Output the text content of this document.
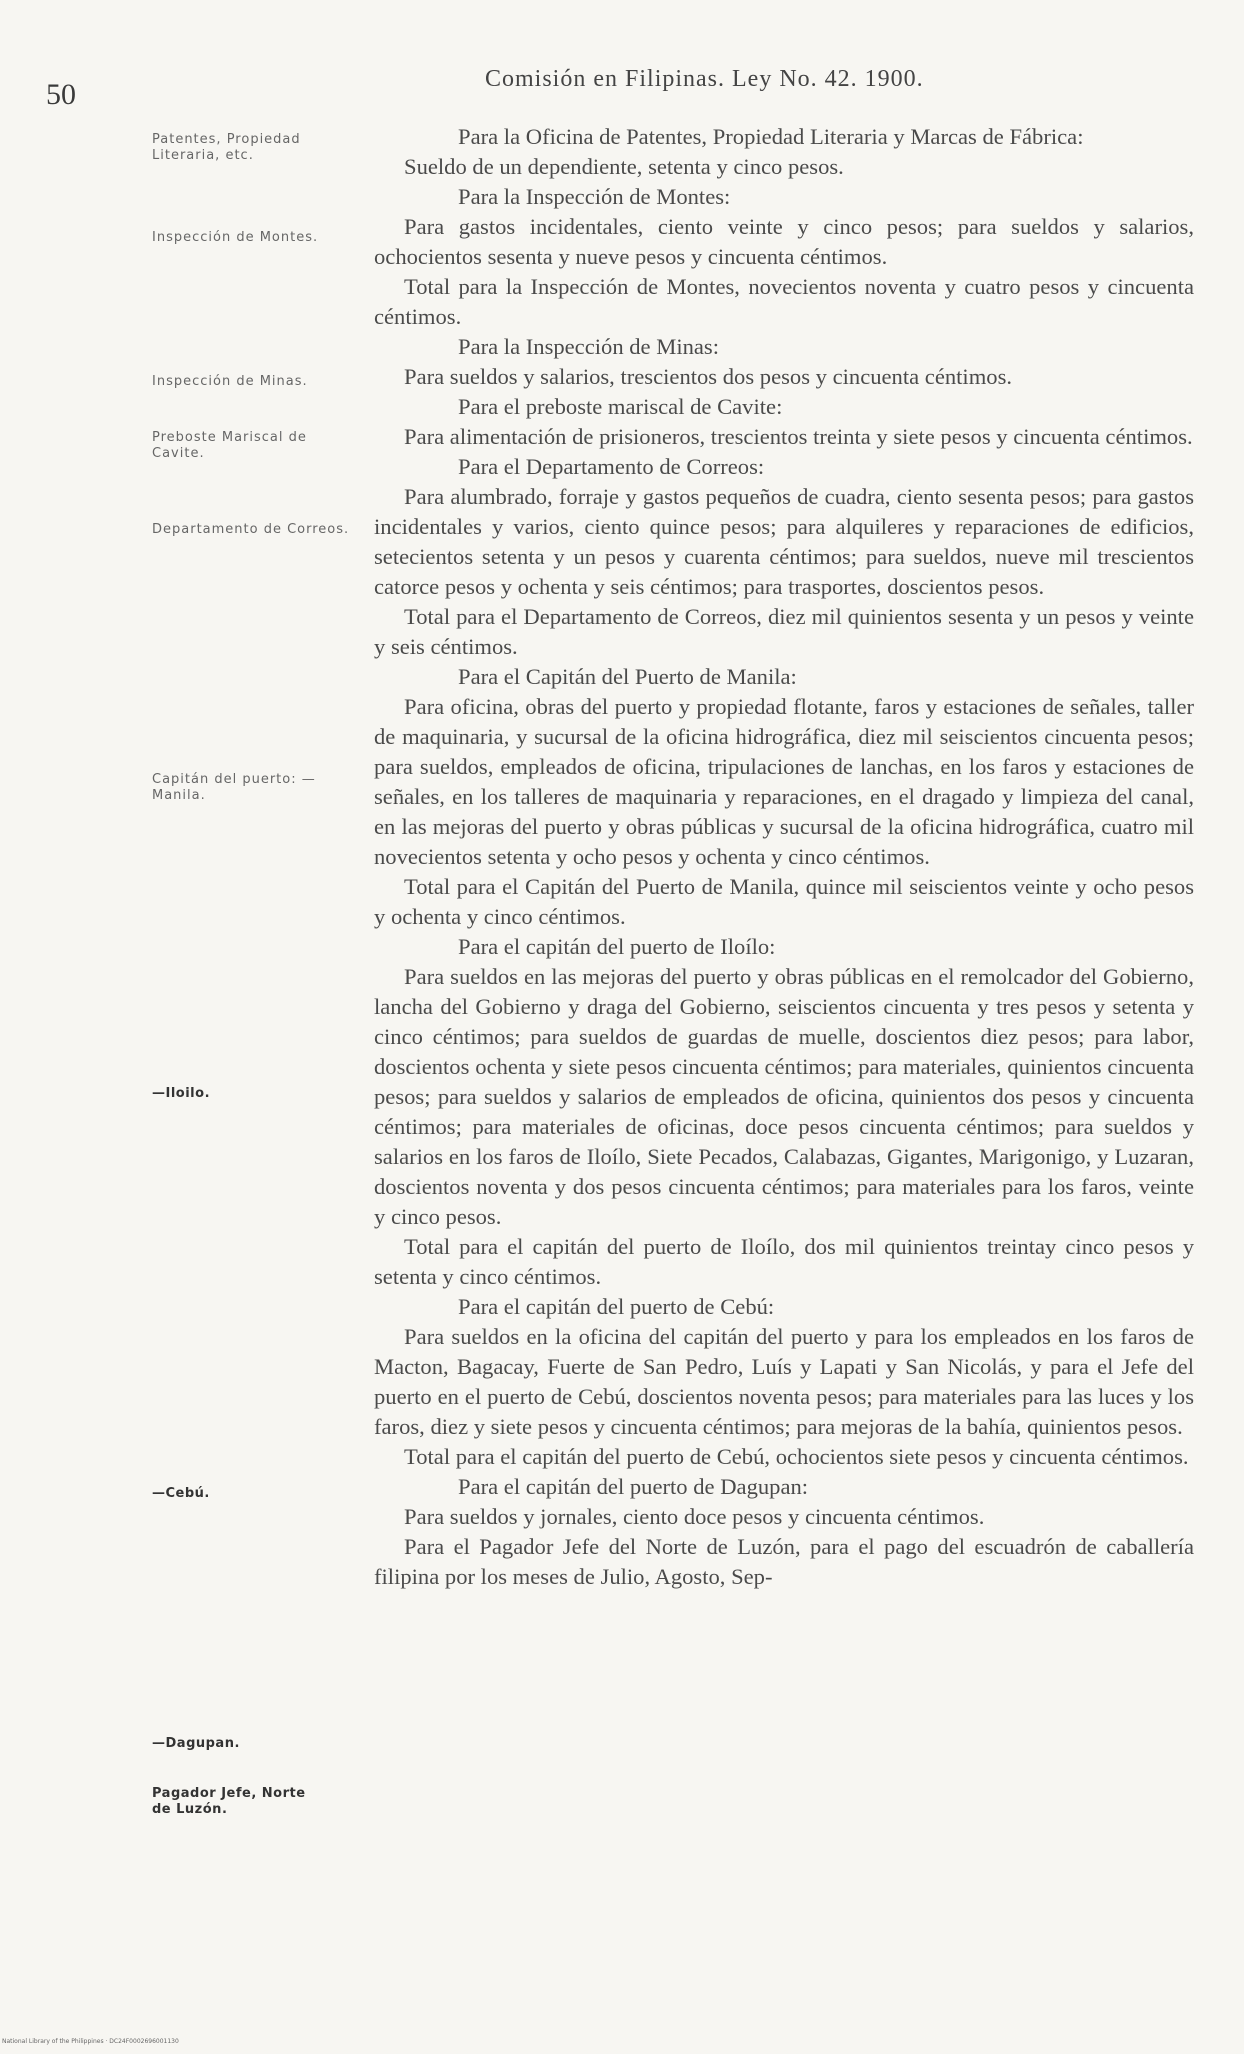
50	Comisión en Filipinas. Ley No. 42. 1900.
Patentes, Propiedad Literaria, etc.
Inspección de Montes.
Inspección de Minas.
Preboste Mariscal de Cavite.
Departamento de Correos.
Capitán del puerto: —Manila.
—Iloilo.
—Cebú.
—Dagupan.
Pagador Jefe, Norte de Luzón.

Para la Oficina de Patentes, Propiedad Literaria y Marcas de Fábrica:

Sueldo de un dependiente, setenta y cinco pesos.

Para la Inspección de Montes:

Para gastos incidentales, ciento veinte y cinco pesos; para sueldos y salarios, ochocientos sesenta y nueve pesos y cincuenta céntimos.

Total para la Inspección de Montes, novecientos noventa y cuatro pesos y cincuenta céntimos.

Para la Inspección de Minas:

Para sueldos y salarios, trescientos dos pesos y cincuenta céntimos.

Para el preboste mariscal de Cavite:

Para alimentación de prisioneros, trescientos treinta y siete pesos y cincuenta céntimos.

Para el Departamento de Correos:

Para alumbrado, forraje y gastos pequeños de cuadra, ciento sesenta pesos; para gastos incidentales y varios, ciento quince pesos; para alquileres y reparaciones de edificios, setecientos setenta y un pesos y cuarenta céntimos; para sueldos, nueve mil trescientos catorce pesos y ochenta y seis céntimos; para trasportes, doscientos pesos.

Total para el Departamento de Correos, diez mil quinientos sesenta y un pesos y veinte y seis céntimos.

Para el Capitán del Puerto de Manila:

Para oficina, obras del puerto y propiedad flotante, faros y estaciones de señales, taller de maquinaria, y sucursal de la oficina hidrográfica, diez mil seiscientos cincuenta pesos; para sueldos, empleados de oficina, tripulaciones de lanchas, en los faros y estaciones de señales, en los talleres de maquinaria y reparaciones, en el dragado y limpieza del canal, en las mejoras del puerto y obras públicas y sucursal de la oficina hidrográfica, cuatro mil novecientos setenta y ocho pesos y ochenta y cinco céntimos.

Total para el Capitán del Puerto de Manila, quince mil seiscientos veinte y ocho pesos y ochenta y cinco céntimos.

Para el capitán del puerto de Iloílo:

Para sueldos en las mejoras del puerto y obras públicas en el remolcador del Gobierno, lancha del Gobierno y draga del Gobierno, seiscientos cincuenta y tres pesos y setenta y cinco céntimos; para sueldos de guardas de muelle, doscientos diez pesos; para labor, doscientos ochenta y siete pesos cincuenta céntimos; para materiales, quinientos cincuenta pesos; para sueldos y salarios de empleados de oficina, quinientos dos pesos y cincuenta céntimos; para materiales de oficinas, doce pesos cincuenta céntimos; para sueldos y salarios en los faros de Iloílo, Siete Pecados, Calabazas, Gigantes, Marigonigo, y Luzaran, doscientos noventa y dos pesos cincuenta céntimos; para materiales para los faros, veinte y cinco pesos.

Total para el capitán del puerto de Iloílo, dos mil quinientos treintay cinco pesos y setenta y cinco céntimos.

Para el capitán del puerto de Cebú:

Para sueldos en la oficina del capitán del puerto y para los empleados en los faros de Macton, Bagacay, Fuerte de San Pedro, Luís y Lapati y San Nicolás, y para el Jefe del puerto en el puerto de Cebú, doscientos noventa pesos; para materiales para las luces y los faros, diez y siete pesos y cincuenta céntimos; para mejoras de la bahía, quinientos pesos.

Total para el capitán del puerto de Cebú, ochocientos siete pesos y cincuenta céntimos.

Para el capitán del puerto de Dagupan:

Para sueldos y jornales, ciento doce pesos y cincuenta céntimos.

Para el Pagador Jefe del Norte de Luzón, para el pago del escuadrón de caballería filipina por los meses de Julio, Agosto, Sep-

National Library of the Philippines · DC24F0002696001130
